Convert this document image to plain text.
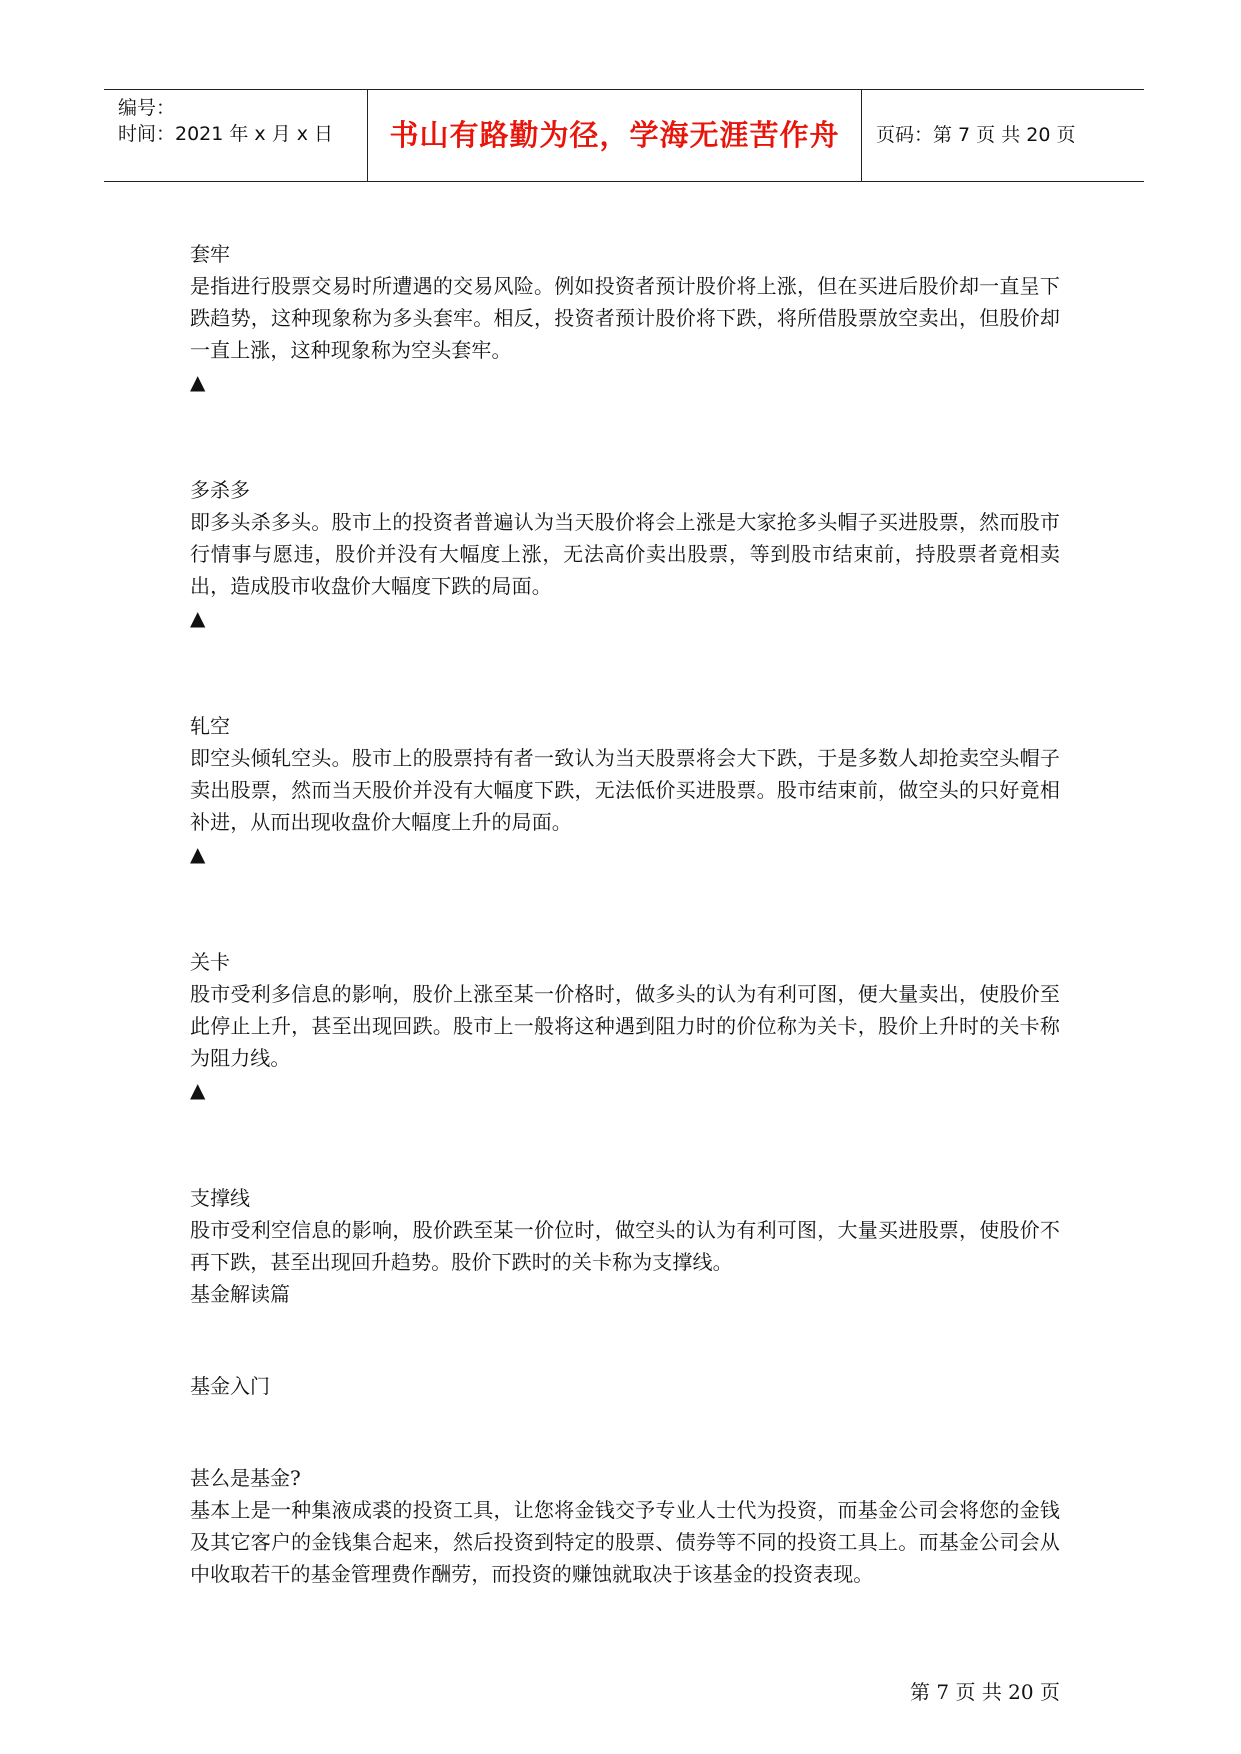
编号：
时间：2021 年 x 月 x 日	书山有路勤为径，学海无涯苦作舟	页码：第 7 页 共 20 页

套牢

是指进行股票交易时所遭遇的交易风险。例如投资者预计股价将上涨，但在买进后股价却一直呈下跌趋势，这种现象称为多头套牢。相反，投资者预计股价将下跌，将所借股票放空卖出，但股价却一直上涨，这种现象称为空头套牢。

▲

多杀多

即多头杀多头。股市上的投资者普遍认为当天股价将会上涨是大家抢多头帽子买进股票，然而股市行情事与愿违，股价并没有大幅度上涨，无法高价卖出股票，等到股市结束前，持股票者竟相卖出，造成股市收盘价大幅度下跌的局面。

▲

轧空

即空头倾轧空头。股市上的股票持有者一致认为当天股票将会大下跌，于是多数人却抢卖空头帽子卖出股票，然而当天股价并没有大幅度下跌，无法低价买进股票。股市结束前，做空头的只好竟相补进，从而出现收盘价大幅度上升的局面。

▲

关卡

股市受利多信息的影响，股价上涨至某一价格时，做多头的认为有利可图，便大量卖出，使股价至此停止上升，甚至出现回跌。股市上一般将这种遇到阻力时的价位称为关卡，股价上升时的关卡称为阻力线。

▲

支撑线

股市受利空信息的影响，股价跌至某一价位时，做空头的认为有利可图，大量买进股票，使股价不再下跌，甚至出现回升趋势。股价下跌时的关卡称为支撑线。

基金解读篇

基金入门

甚么是基金?

基本上是一种集液成裘的投资工具，让您将金钱交予专业人士代为投资，而基金公司会将您的金钱及其它客户的金钱集合起来，然后投资到特定的股票、债券等不同的投资工具上。而基金公司会从中收取若干的基金管理费作酬劳，而投资的赚蚀就取决于该基金的投资表现。

第 7 页 共 20 页
